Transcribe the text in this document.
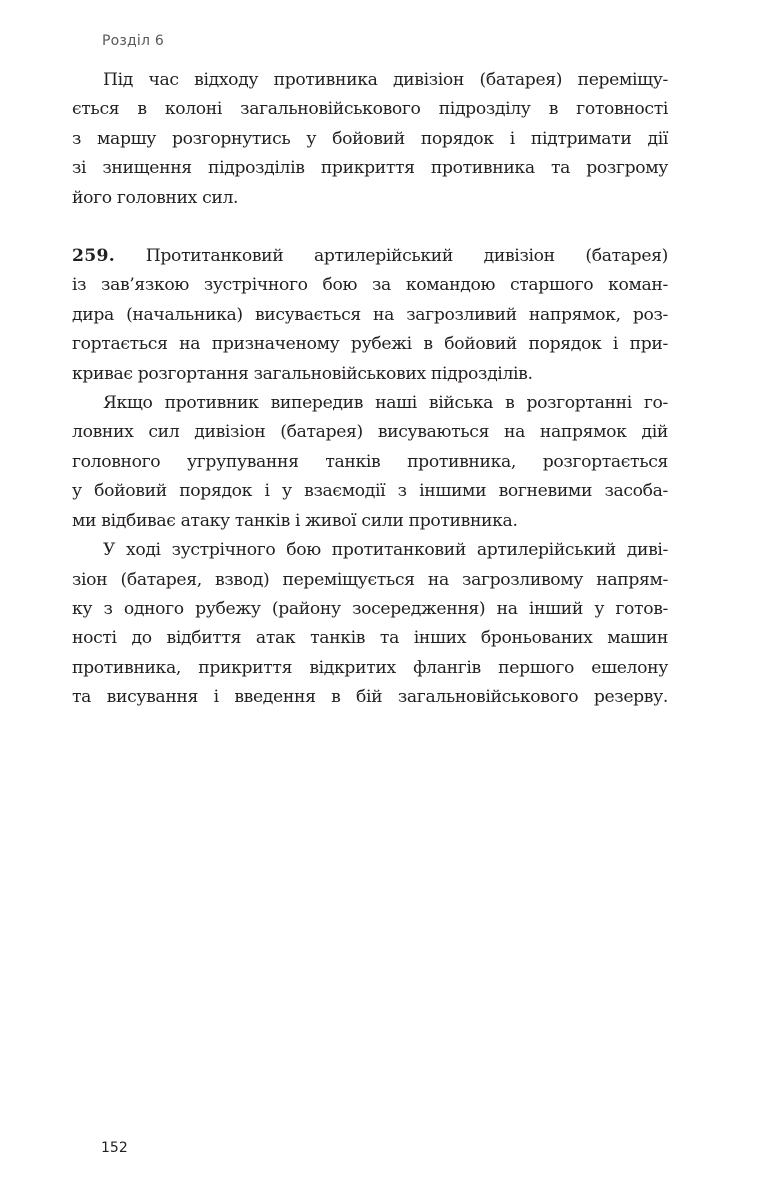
Розділ 6
Під час відходу противника дивізіон (батарея) переміщу-
ється в колоні загальновійськового підрозділу в готовності
з маршу розгорнутись у бойовий порядок і підтримати дії
зі знищення підрозділів прикриття противника та розгрому
його головних сил.
259. Протитанковий артилерійський дивізіон (батарея)
із зав’язкою зустрічного бою за командою старшого коман-
дира (начальника) висувається на загрозливий напрямок, роз-
гортається на призначеному рубежі в бойовий порядок і при-
криває розгортання загальновійськових підрозділів.
Якщо противник випередив наші війська в розгортанні го-
ловних сил дивізіон (батарея) висуваються на напрямок дій
головного угрупування танків противника, розгортається
у бойовий порядок і у взаємодії з іншими вогневими засоба-
ми відбиває атаку танків і живої сили противника.
У ході зустрічного бою протитанковий артилерійський диві-
зіон (батарея, взвод) переміщується на загрозливому напрям-
ку з одного рубежу (району зосередження) на інший у готов-
ності до відбиття атак танків та інших броньованих машин
противника, прикриття відкритих флангів першого ешелону
та висування і введення в бій загальновійськового резерву.
152
